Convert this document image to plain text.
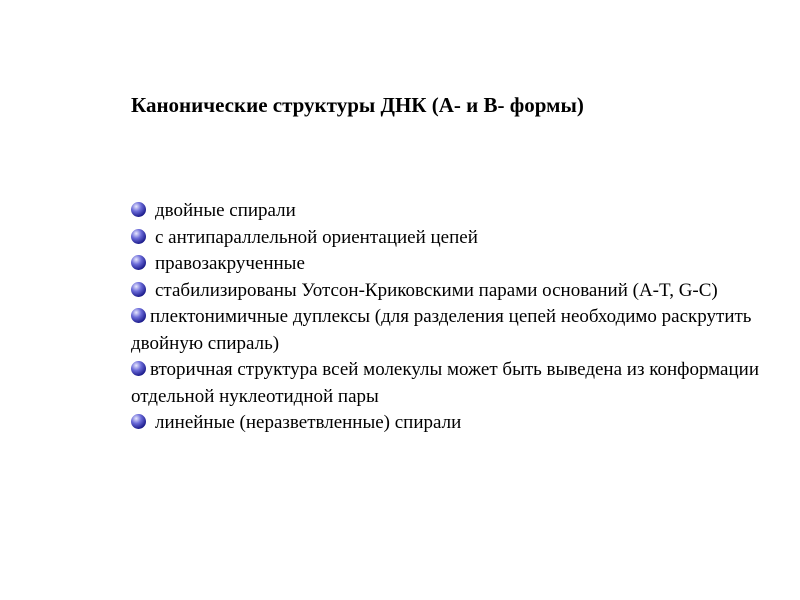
Канонические структуры ДНК (А- и В- формы)
двойные спирали
с антипараллельной ориентацией цепей
правозакрученные
стабилизированы Уотсон-Криковскими парами оснований (A-T, G-C)
плектонимичные дуплексы (для разделения цепей необходимо раскрутить двойную спираль)
вторичная структура всей молекулы может быть выведена из конформации отдельной нуклеотидной пары
линейные (неразветвленные) спирали
